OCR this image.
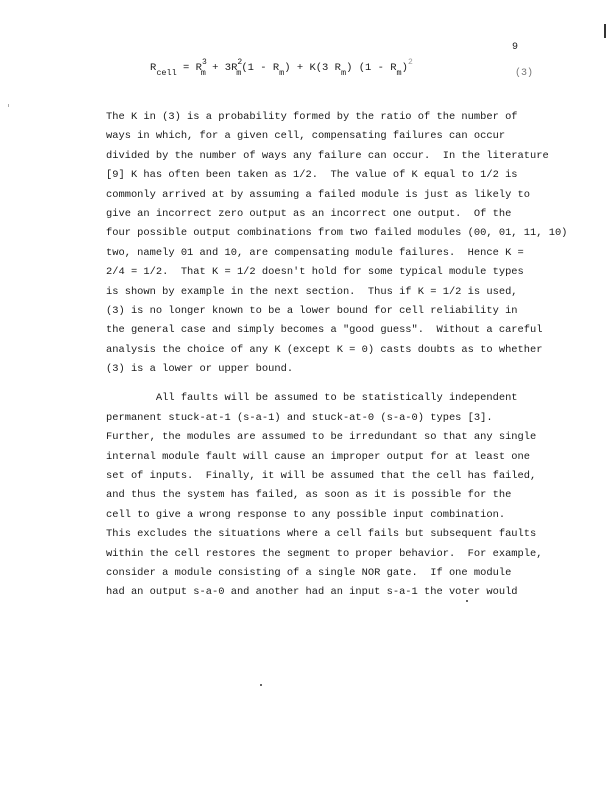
9
$R_{cell} = R^3_m + 3R^2_m(1 - R_m) + K(3$ $R_m$) $(1 - R_m)^2$
(3)
The K in (3) is a probability formed by the ratio of the number of
ways in which, for a given cell, compensating failures can occur
divided by the number of ways any failure can occur.  In the literature
[9] K has often been taken as 1/2.  The value of K equal to 1/2 is
commonly arrived at by assuming a failed module is just as likely to
give an incorrect zero output as an incorrect one output.  Of the
four possible output combinations from two failed modules (00, 01, 11, 10)
two, namely 01 and 10, are compensating module failures.  Hence K =
2/4 = 1/2.  That K = 1/2 doesn't hold for some typical module types
is shown by example in the next section.  Thus if K = 1/2 is used,
(3) is no longer known to be a lower bound for cell reliability in
the general case and simply becomes a "good guess".  Without a careful
analysis the choice of any K (except K = 0) casts doubts as to whether
(3) is a lower or upper bound.
All faults will be assumed to be statistically independent
permanent stuck-at-1 (s-a-1) and stuck-at-0 (s-a-0) types [3].
Further, the modules are assumed to be irredundant so that any single
internal module fault will cause an improper output for at least one
set of inputs.  Finally, it will be assumed that the cell has failed,
and thus the system has failed, as soon as it is possible for the
cell to give a wrong response to any possible input combination.
This excludes the situations where a cell fails but subsequent faults
within the cell restores the segment to proper behavior.  For example,
consider a module consisting of a single NOR gate.  If one module
had an output s-a-0 and another had an input s-a-1 the voter would
